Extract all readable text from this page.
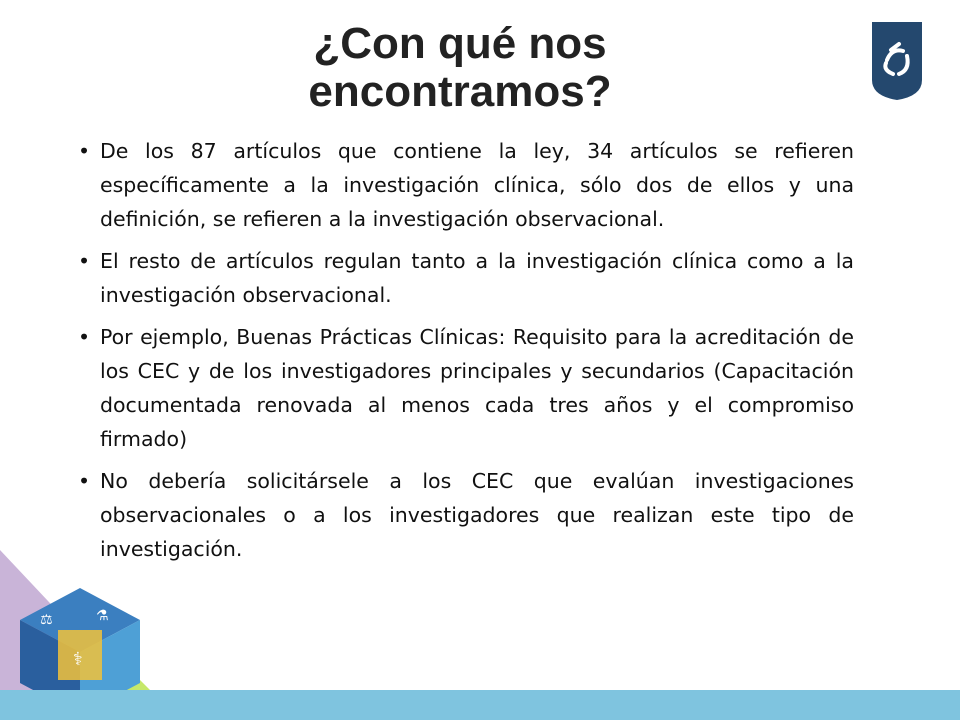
⚖	⚗
⚕
¿Con qué nos encontramos?
• De los 87 artículos que contiene la ley, 34 artículos se refieren específicamente a la investigación clínica, sólo dos de ellos y una definición, se refieren a la investigación observacional.
• El resto de artículos regulan tanto a la investigación clínica como a la investigación observacional.
• Por ejemplo, Buenas Prácticas Clínicas: Requisito para la acreditación de los CEC y de los investigadores principales y secundarios (Capacitación documentada renovada al menos cada tres años y el compromiso firmado)
• No debería solicitársele a los CEC que evalúan investigaciones observacionales o a los investigadores que realizan este tipo de investigación.
